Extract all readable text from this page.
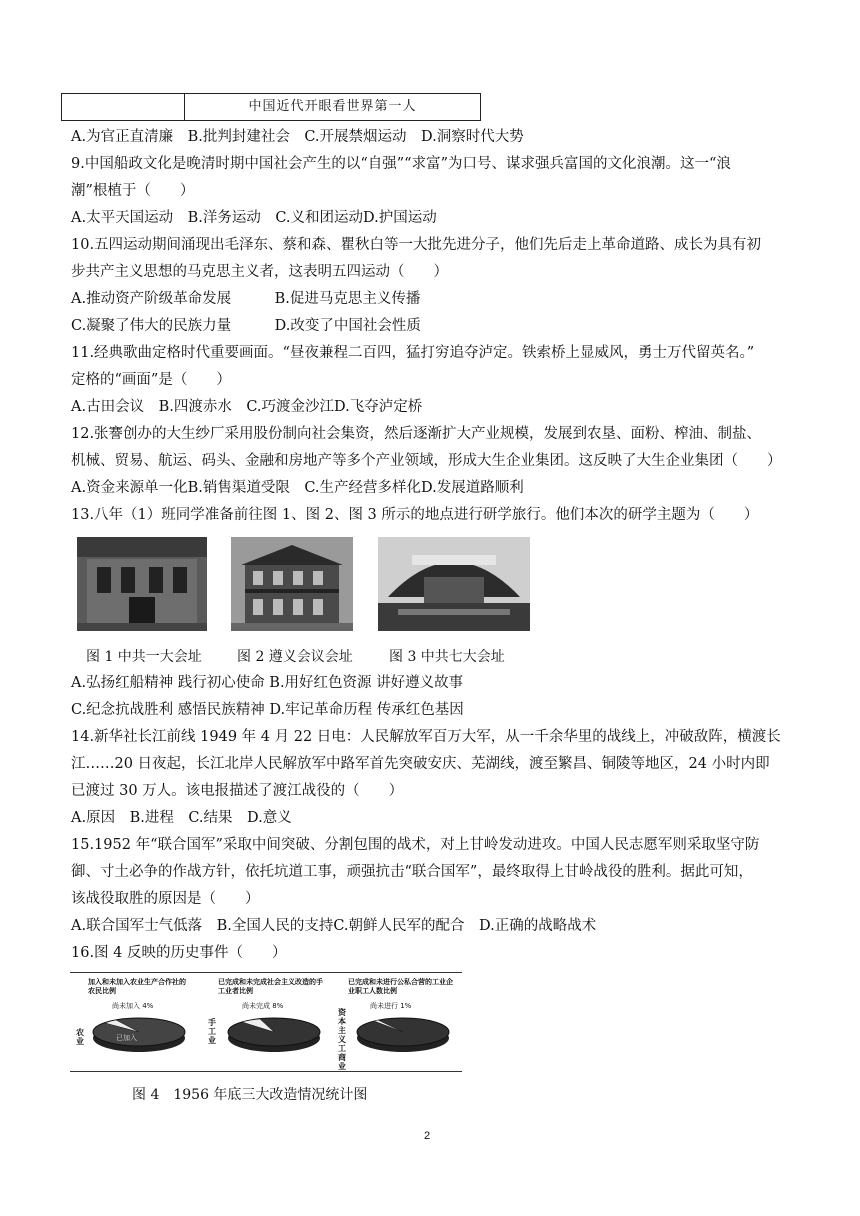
中国近代开眼看世界第一人
A.为官正直清廉　B.批判封建社会　C.开展禁烟运动　D.洞察时代大势
9.中国船政文化是晚清时期中国社会产生的以“自强”“求富”为口号、谋求强兵富国的文化浪潮。这一“浪
潮”根植于（　　）
A.太平天国运动　B.洋务运动　C.义和团运动D.护国运动
10.五四运动期间涌现出毛泽东、蔡和森、瞿秋白等一大批先进分子，他们先后走上革命道路、成长为具有初
步共产主义思想的马克思主义者，这表明五四运动（　　）
A.推动资产阶级革命发展　　　B.促进马克思主义传播
C.凝聚了伟大的民族力量　　　D.改变了中国社会性质
11.经典歌曲定格时代重要画面。“昼夜兼程二百四，猛打穷追夺泸定。铁索桥上显威风，勇士万代留英名。”
定格的“画面”是（　　）
A.古田会议　B.四渡赤水　C.巧渡金沙江D.飞夺泸定桥
12.张謇创办的大生纱厂采用股份制向社会集资，然后逐渐扩大产业规模，发展到农垦、面粉、榨油、制盐、
机械、贸易、航运、码头、金融和房地产等多个产业领域，形成大生企业集团。这反映了大生企业集团（　　）
A.资金来源单一化B.销售渠道受限　C.生产经营多样化D.发展道路顺利
13.八年（1）班同学准备前往图 1、图 2、图 3 所示的地点进行研学旅行。他们本次的研学主题为（　　）
图 1 中共一大会址	图 2 遵义会议会址	图 3 中共七大会址
A.弘扬红船精神 践行初心使命 B.用好红色资源 讲好遵义故事
C.纪念抗战胜利 感悟民族精神 D.牢记革命历程 传承红色基因
14.新华社长江前线 1949 年 4 月 22 日电：人民解放军百万大军，从一千余华里的战线上，冲破敌阵，横渡长
江……20 日夜起，长江北岸人民解放军中路军首先突破安庆、芜湖线，渡至繁昌、铜陵等地区，24 小时内即
已渡过 30 万人。该电报描述了渡江战役的（　　）
A.原因　B.进程　C.结果　D.意义
15.1952 年“联合国军”采取中间突破、分割包围的战术，对上甘岭发动进攻。中国人民志愿军则采取坚守防
御、寸土必争的作战方针，依托坑道工事，顽强抗击“联合国军”，最终取得上甘岭战役的胜利。据此可知，
该战役取胜的原因是（　　）
A.联合国军士气低落　B.全国人民的支持C.朝鲜人民军的配合　D.正确的战略战术
16.图 4 反映的历史事件（　　）
加入和未加入农业生产合作社的农民比例
尚未加入 4%
农业	已加入
已完成和未完成社会主义改造的手工业者比例
尚未完成 8%
手工业
已完成和未进行公私合营的工业企业职工人数比例
尚未进行 1%
资本主义工商业
图 4　1956 年底三大改造情况统计图
2
